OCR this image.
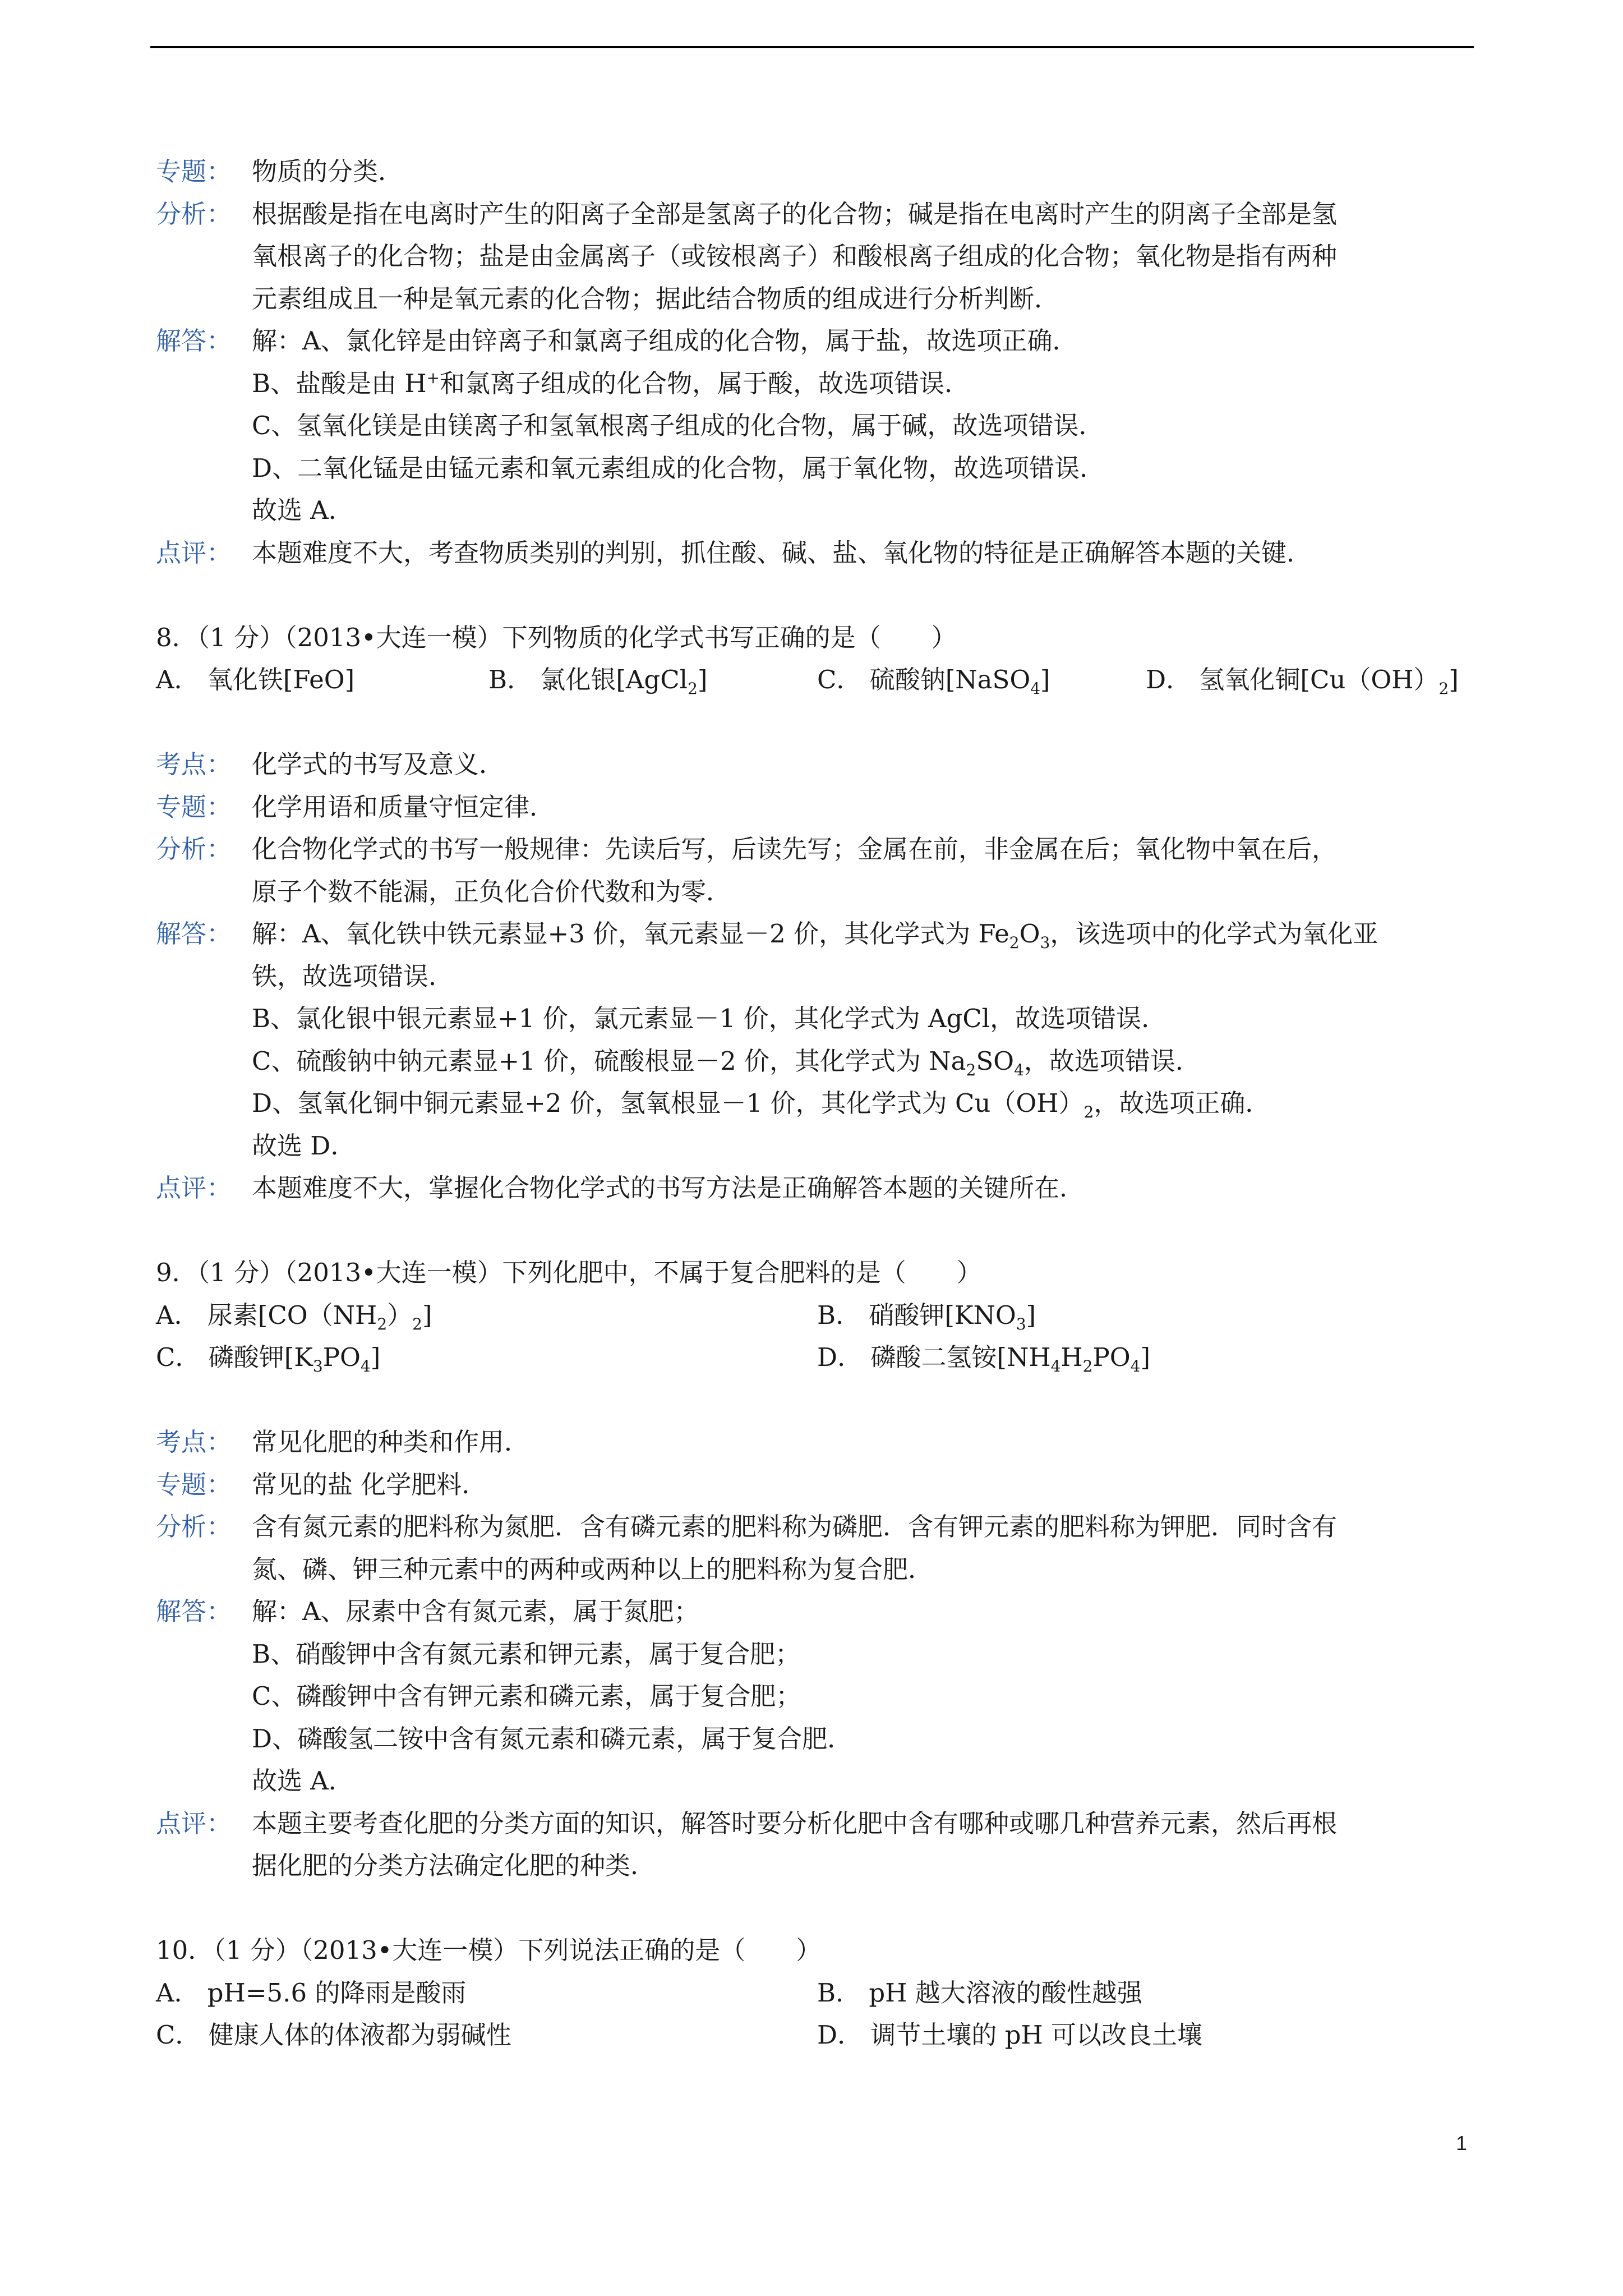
专题： 物质的分类．
分析： 根据酸是指在电离时产生的阳离子全部是氢离子的化合物；碱是指在电离时产生的阴离子全部是氢
氧根离子的化合物；盐是由金属离子（或铵根离子）和酸根离子组成的化合物；氧化物是指有两种
元素组成且一种是氧元素的化合物；据此结合物质的组成进行分析判断．
解答： 解：A、氯化锌是由锌离子和氯离子组成的化合物，属于盐，故选项正确．
B、盐酸是由 H+和氯离子组成的化合物，属于酸，故选项错误．
C、氢氧化镁是由镁离子和氢氧根离子组成的化合物，属于碱，故选项错误．
D、二氧化锰是由锰元素和氧元素组成的化合物，属于氧化物，故选项错误．
故选 A．
点评： 本题难度不大，考查物质类别的判别，抓住酸、碱、盐、氧化物的特征是正确解答本题的关键．
8．（1 分）（2013•大连一模）下列物质的化学式书写正确的是（　　）
A． 氧化铁[FeO]	B． 氯化银[AgCl$_2$]	C． 硫酸钠[NaSO$_4$]	D． 氢氧化铜$[Cu(OH)_2]$
考点： 化学式的书写及意义．
专题： 化学用语和质量守恒定律．
分析： 化合物化学式的书写一般规律：先读后写，后读先写；金属在前，非金属在后；氧化物中氧在后，
原子个数不能漏，正负化合价代数和为零．
解答： 解：A、氧化铁中铁元素显+3 价，氧元素显－2 价，其化学式为 $Fe_2O_3$，该选项中的化学式为氧化亚
铁，故选项错误．
B、氯化银中银元素显+1 价，氯元素显－1 价，其化学式为 AgCl，故选项错误．
C、硫酸钠中钠元素显+1 价，硫酸根显－2 价，其化学式为 $Na_2SO_4$，故选项错误．
D、氢氧化铜中铜元素显+2 价，氢氧根显－1 价，其化学式为 $Cu(OH)_2$，故选项正确．
故选 D．
点评： 本题难度不大，掌握化合物化学式的书写方法是正确解答本题的关键所在．
9．（1 分）（2013•大连一模）下列化肥中，不属于复合肥料的是（　　）
A． 尿素$[CO(NH_2)_2]$	B． 硝酸钾$[KNO_3]$
C． 磷酸钾$[K_3PO_4]$	D． 磷酸二氢铵$[NH_4H_2PO_4]$
考点： 常见化肥的种类和作用．
专题： 常见的盐 化学肥料．
分析： 含有氮元素的肥料称为氮肥．含有磷元素的肥料称为磷肥．含有钾元素的肥料称为钾肥．同时含有
氮、磷、钾三种元素中的两种或两种以上的肥料称为复合肥．
解答： 解：A、尿素中含有氮元素，属于氮肥；
B、硝酸钾中含有氮元素和钾元素，属于复合肥；
C、磷酸钾中含有钾元素和磷元素，属于复合肥；
D、磷酸氢二铵中含有氮元素和磷元素，属于复合肥．
故选 A．
点评： 本题主要考查化肥的分类方面的知识，解答时要分析化肥中含有哪种或哪几种营养元素，然后再根
据化肥的分类方法确定化肥的种类．
10．（1 分）（2013•大连一模）下列说法正确的是（　　）
A． pH=5.6 的降雨是酸雨	B． pH 越大溶液的酸性越强
C． 健康人体的体液都为弱碱性	D． 调节土壤的 pH 可以改良土壤
1
